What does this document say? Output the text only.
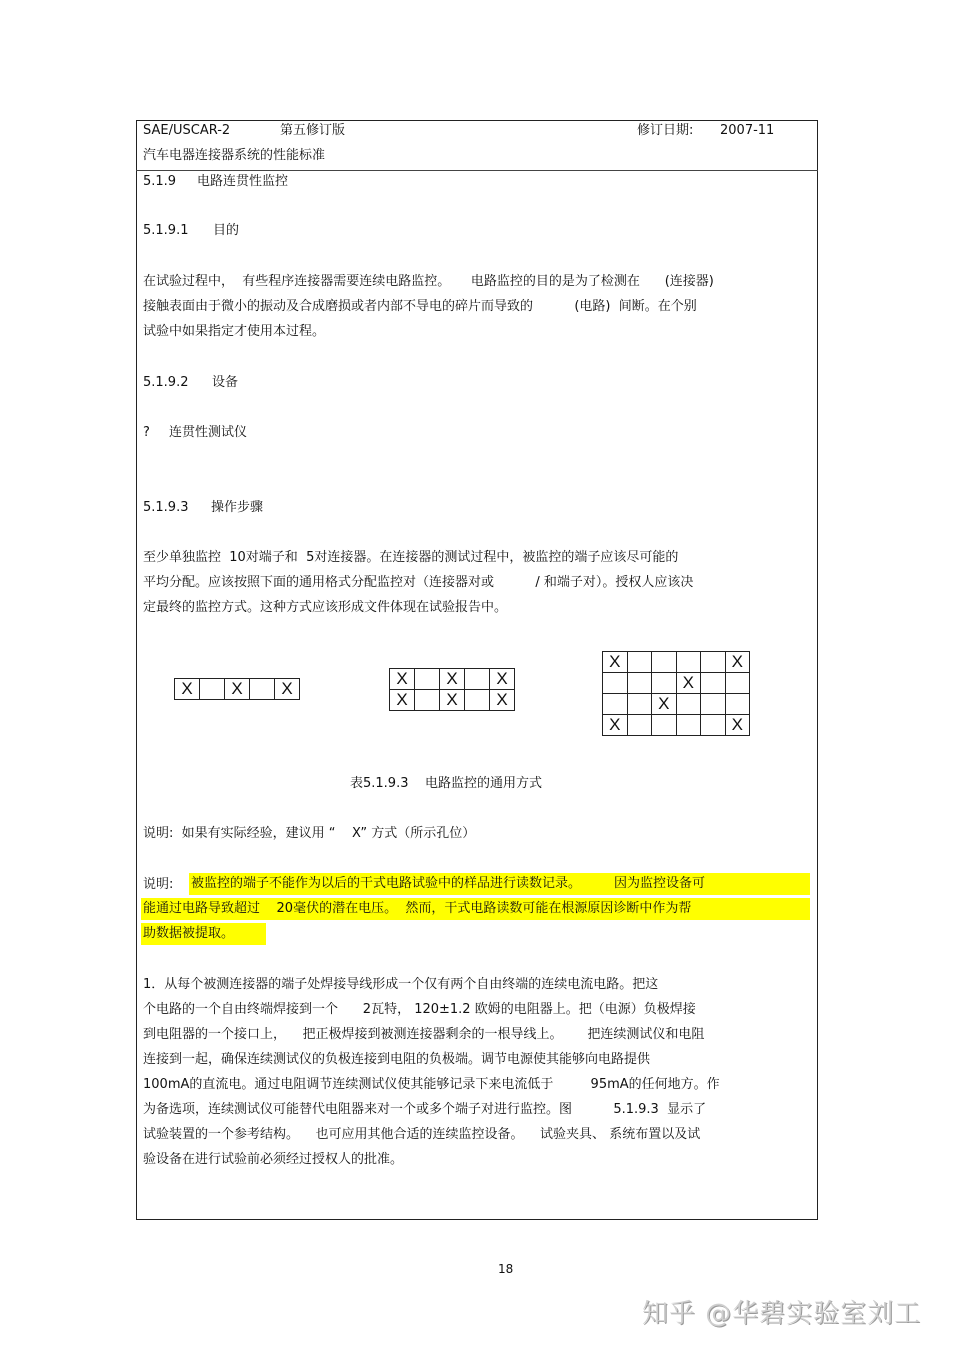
SAE/USCAR-2	第五修订版	修订日期: 2007-11
汽车电器连接器系统的性能标准
5.1.9 电路连贯性监控
5.1.9.1 目的
在试验过程中，  有些程序连接器需要连续电路监控。     电路监控的目的是为了检测在      (连接器)
接触表面由于微小的振动及合成磨损或者内部不导电的碎片而导致的          (电路)  间断。在个别
试验中如果指定才使用本过程。
5.1.9.2 设备
? 连贯性测试仪
5.1.9.3 操作步骤
至少单独监控  10对端子和  5对连接器。在连接器的测试过程中，被监控的端子应该尽可能的
平均分配。应该按照下面的通用格式分配监控对（连接器对或          / 和端子对）。授权人应该决
定最终的监控方式。这种方式应该形成文件体现在试验报告中。
X		X		X
X		X		X
X		X		X
X					X
			X		
		X			
X					X
表5.1.9.3    电路监控的通用方式
说明:  如果有实际经验，建议用 “    X” 方式（所示孔位）
说明: 被监控的端子不能作为以后的干式电路试验中的样品进行读数记录。        因为监控设备可
能通过电路导致超过    20毫伏的潜在电压。  然而，干式电路读数可能在根源原因诊断中作为帮
助数据被提取。
1．从每个被测连接器的端子处焊接导线形成一个仅有两个自由终端的连续电流电路。把这
个电路的一个自由终端焊接到一个      2瓦特， 120±1.2 欧姆的电阻器上。把（电源）负极焊接
到电阻器的一个接口上，    把正极焊接到被测连接器剩余的一根导线上。      把连续测试仪和电阻
连接到一起，确保连续测试仪的负极连接到电阻的负极端。调节电源使其能够向电路提供
100mA的直流电。通过电阻调节连续测试仪使其能够记录下来电流低于         95mA的任何地方。作
为备选项，连续测试仪可能替代电阻器来对一个或多个端子对进行监控。图          5.1.9.3  显示了
试验装置的一个参考结构。    也可应用其他合适的连续监控设备。    试验夹具、 系统布置以及试
验设备在进行试验前必须经过授权人的批准。
18
知乎 @华碧实验室刘工
